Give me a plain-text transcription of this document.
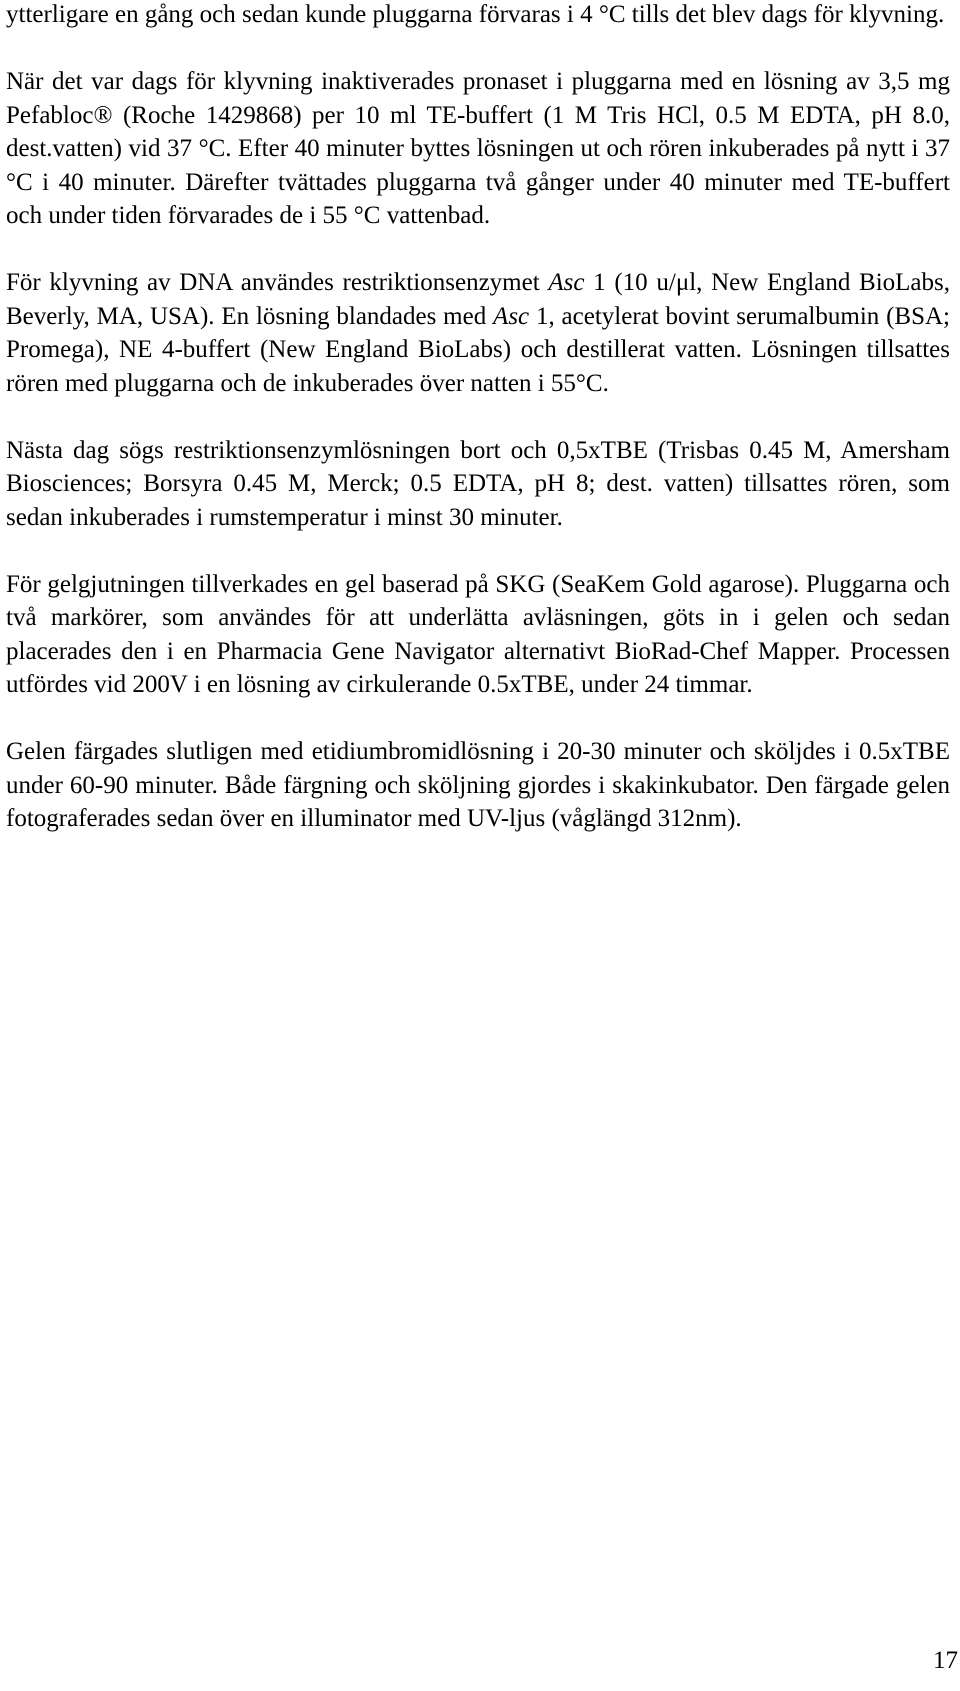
ytterligare en gång och sedan kunde pluggarna förvaras i 4 °C tills det blev dags för klyvning.

När det var dags för klyvning inaktiverades pronaset i pluggarna med en lösning av 3,5 mg Pefabloc® (Roche 1429868) per 10 ml TE-buffert (1 M Tris HCl, 0.5 M EDTA, pH 8.0, dest.vatten) vid 37 °C. Efter 40 minuter byttes lösningen ut och rören inkuberades på nytt i 37 °C i 40 minuter. Därefter tvättades pluggarna två gånger under 40 minuter med TE-buffert och under tiden förvarades de i 55 °C vattenbad.

För klyvning av DNA användes restriktionsenzymet Asc 1 (10 u/μl, New England BioLabs, Beverly, MA, USA). En lösning blandades med Asc 1, acetylerat bovint serumalbumin (BSA; Promega), NE 4-buffert (New England BioLabs) och destillerat vatten. Lösningen tillsattes rören med pluggarna och de inkuberades över natten i 55°C.

Nästa dag sögs restriktionsenzymlösningen bort och 0,5xTBE (Trisbas 0.45 M, Amersham Biosciences; Borsyra 0.45 M, Merck; 0.5 EDTA, pH 8; dest. vatten) tillsattes rören, som sedan inkuberades i rumstemperatur i minst 30 minuter.

För gelgjutningen tillverkades en gel baserad på SKG (SeaKem Gold agarose). Pluggarna och två markörer, som användes för att underlätta avläsningen, göts in i gelen och sedan placerades den i en Pharmacia Gene Navigator alternativt BioRad-Chef Mapper. Processen utfördes vid 200V i en lösning av cirkulerande 0.5xTBE, under 24 timmar.

Gelen färgades slutligen med etidiumbromidlösning i 20-30 minuter och sköljdes i 0.5xTBE under 60-90 minuter. Både färgning och sköljning gjordes i skakinkubator. Den färgade gelen fotograferades sedan över en illuminator med UV-ljus (våglängd 312nm).

17
